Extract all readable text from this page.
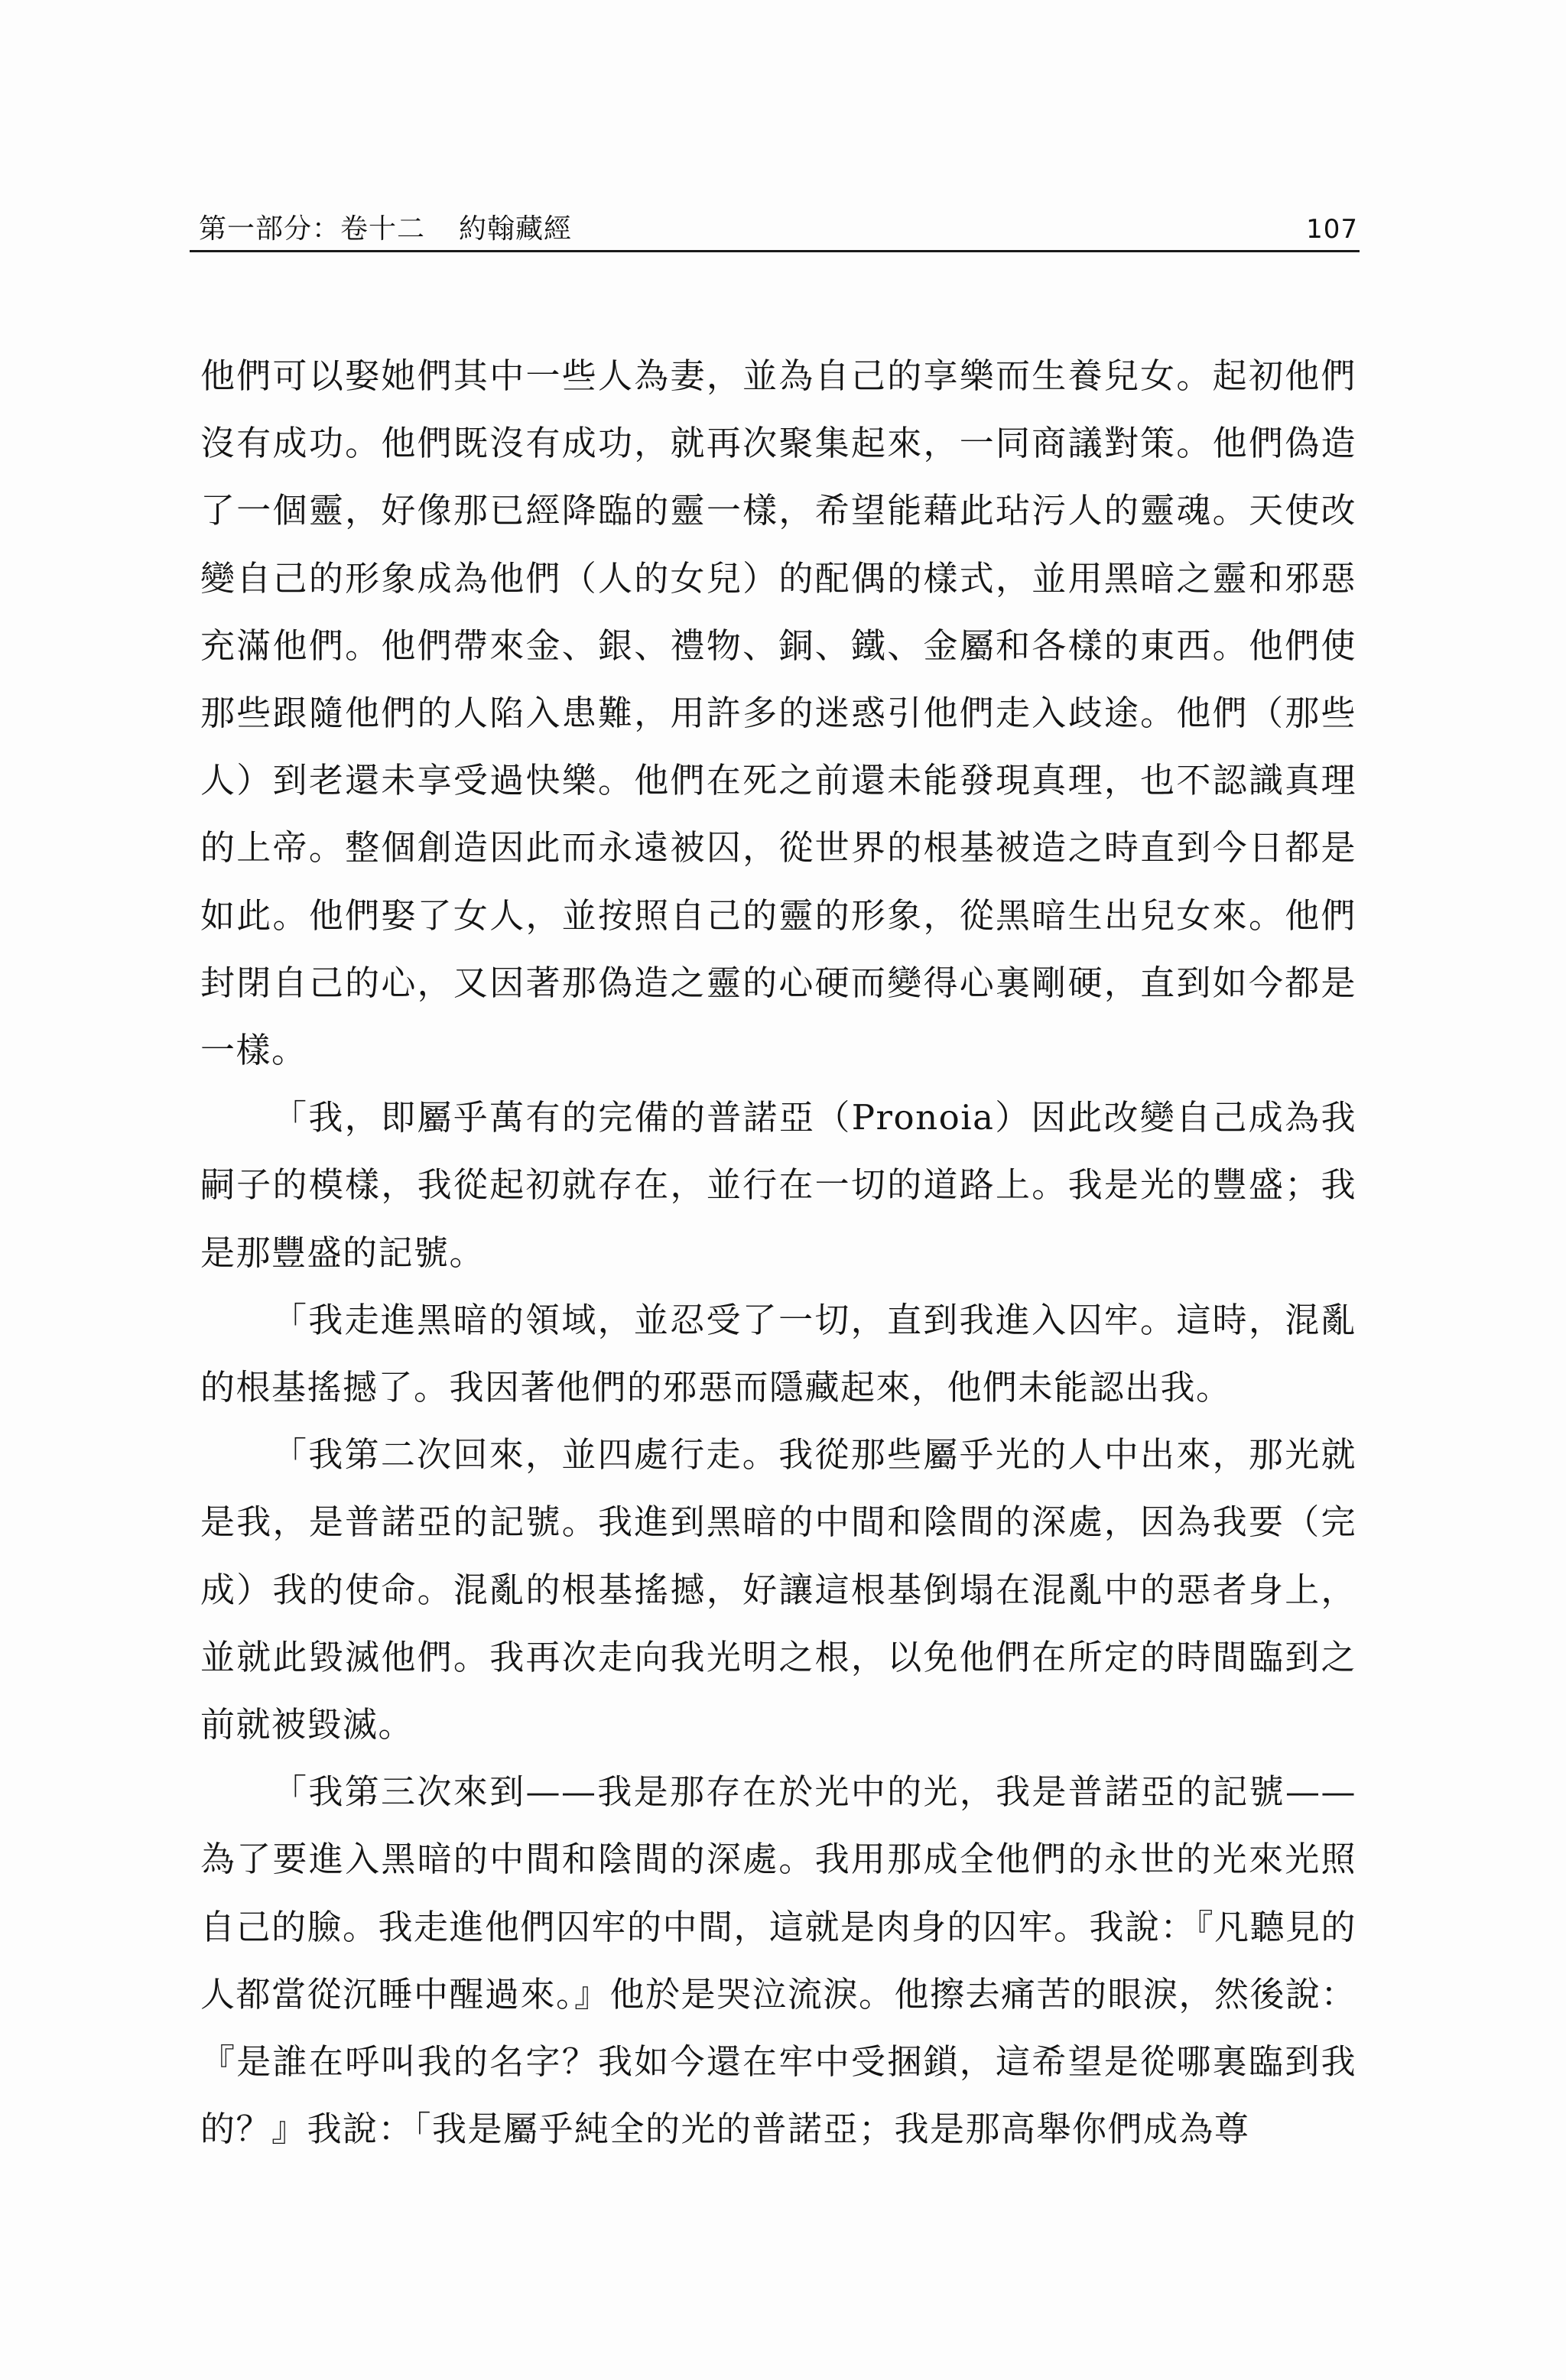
第一部分：卷十二 約翰藏經	107

他們可以娶她們其中一些人為妻，並為自己的享樂而生養兒女。起初他們沒有成功。他們既沒有成功，就再次聚集起來，一同商議對策。他們偽造了一個靈，好像那已經降臨的靈一樣，希望能藉此玷污人的靈魂。天使改變自己的形象成為他們（人的女兒）的配偶的樣式，並用黑暗之靈和邪惡充滿他們。他們帶來金、銀、禮物、銅、鐵、金屬和各樣的東西。他們使那些跟隨他們的人陷入患難，用許多的迷惑引他們走入歧途。他們（那些人）到老還未享受過快樂。他們在死之前還未能發現真理，也不認識真理的上帝。整個創造因此而永遠被囚，從世界的根基被造之時直到今日都是如此。他們娶了女人，並按照自己的靈的形象，從黑暗生出兒女來。他們封閉自己的心，又因著那偽造之靈的心硬而變得心裏剛硬，直到如今都是一樣。

「我，即屬乎萬有的完備的普諾亞（Pronoia）因此改變自己成為我嗣子的模樣，我從起初就存在，並行在一切的道路上。我是光的豐盛；我是那豐盛的記號。

「我走進黑暗的領域，並忍受了一切，直到我進入囚牢。這時，混亂的根基搖撼了。我因著他們的邪惡而隱藏起來，他們未能認出我。

「我第二次回來，並四處行走。我從那些屬乎光的人中出來，那光就是我，是普諾亞的記號。我進到黑暗的中間和陰間的深處，因為我要（完成）我的使命。混亂的根基搖撼，好讓這根基倒塌在混亂中的惡者身上，並就此毀滅他們。我再次走向我光明之根，以免他們在所定的時間臨到之前就被毀滅。

「我第三次來到——我是那存在於光中的光，我是普諾亞的記號——為了要進入黑暗的中間和陰間的深處。我用那成全他們的永世的光來光照自己的臉。我走進他們囚牢的中間，這就是肉身的囚牢。我說：『凡聽見的人都當從沉睡中醒過來。』他於是哭泣流淚。他擦去痛苦的眼淚，然後說：『是誰在呼叫我的名字？我如今還在牢中受捆鎖，這希望是從哪裏臨到我的？』我說：「我是屬乎純全的光的普諾亞；我是那高舉你們成為尊
